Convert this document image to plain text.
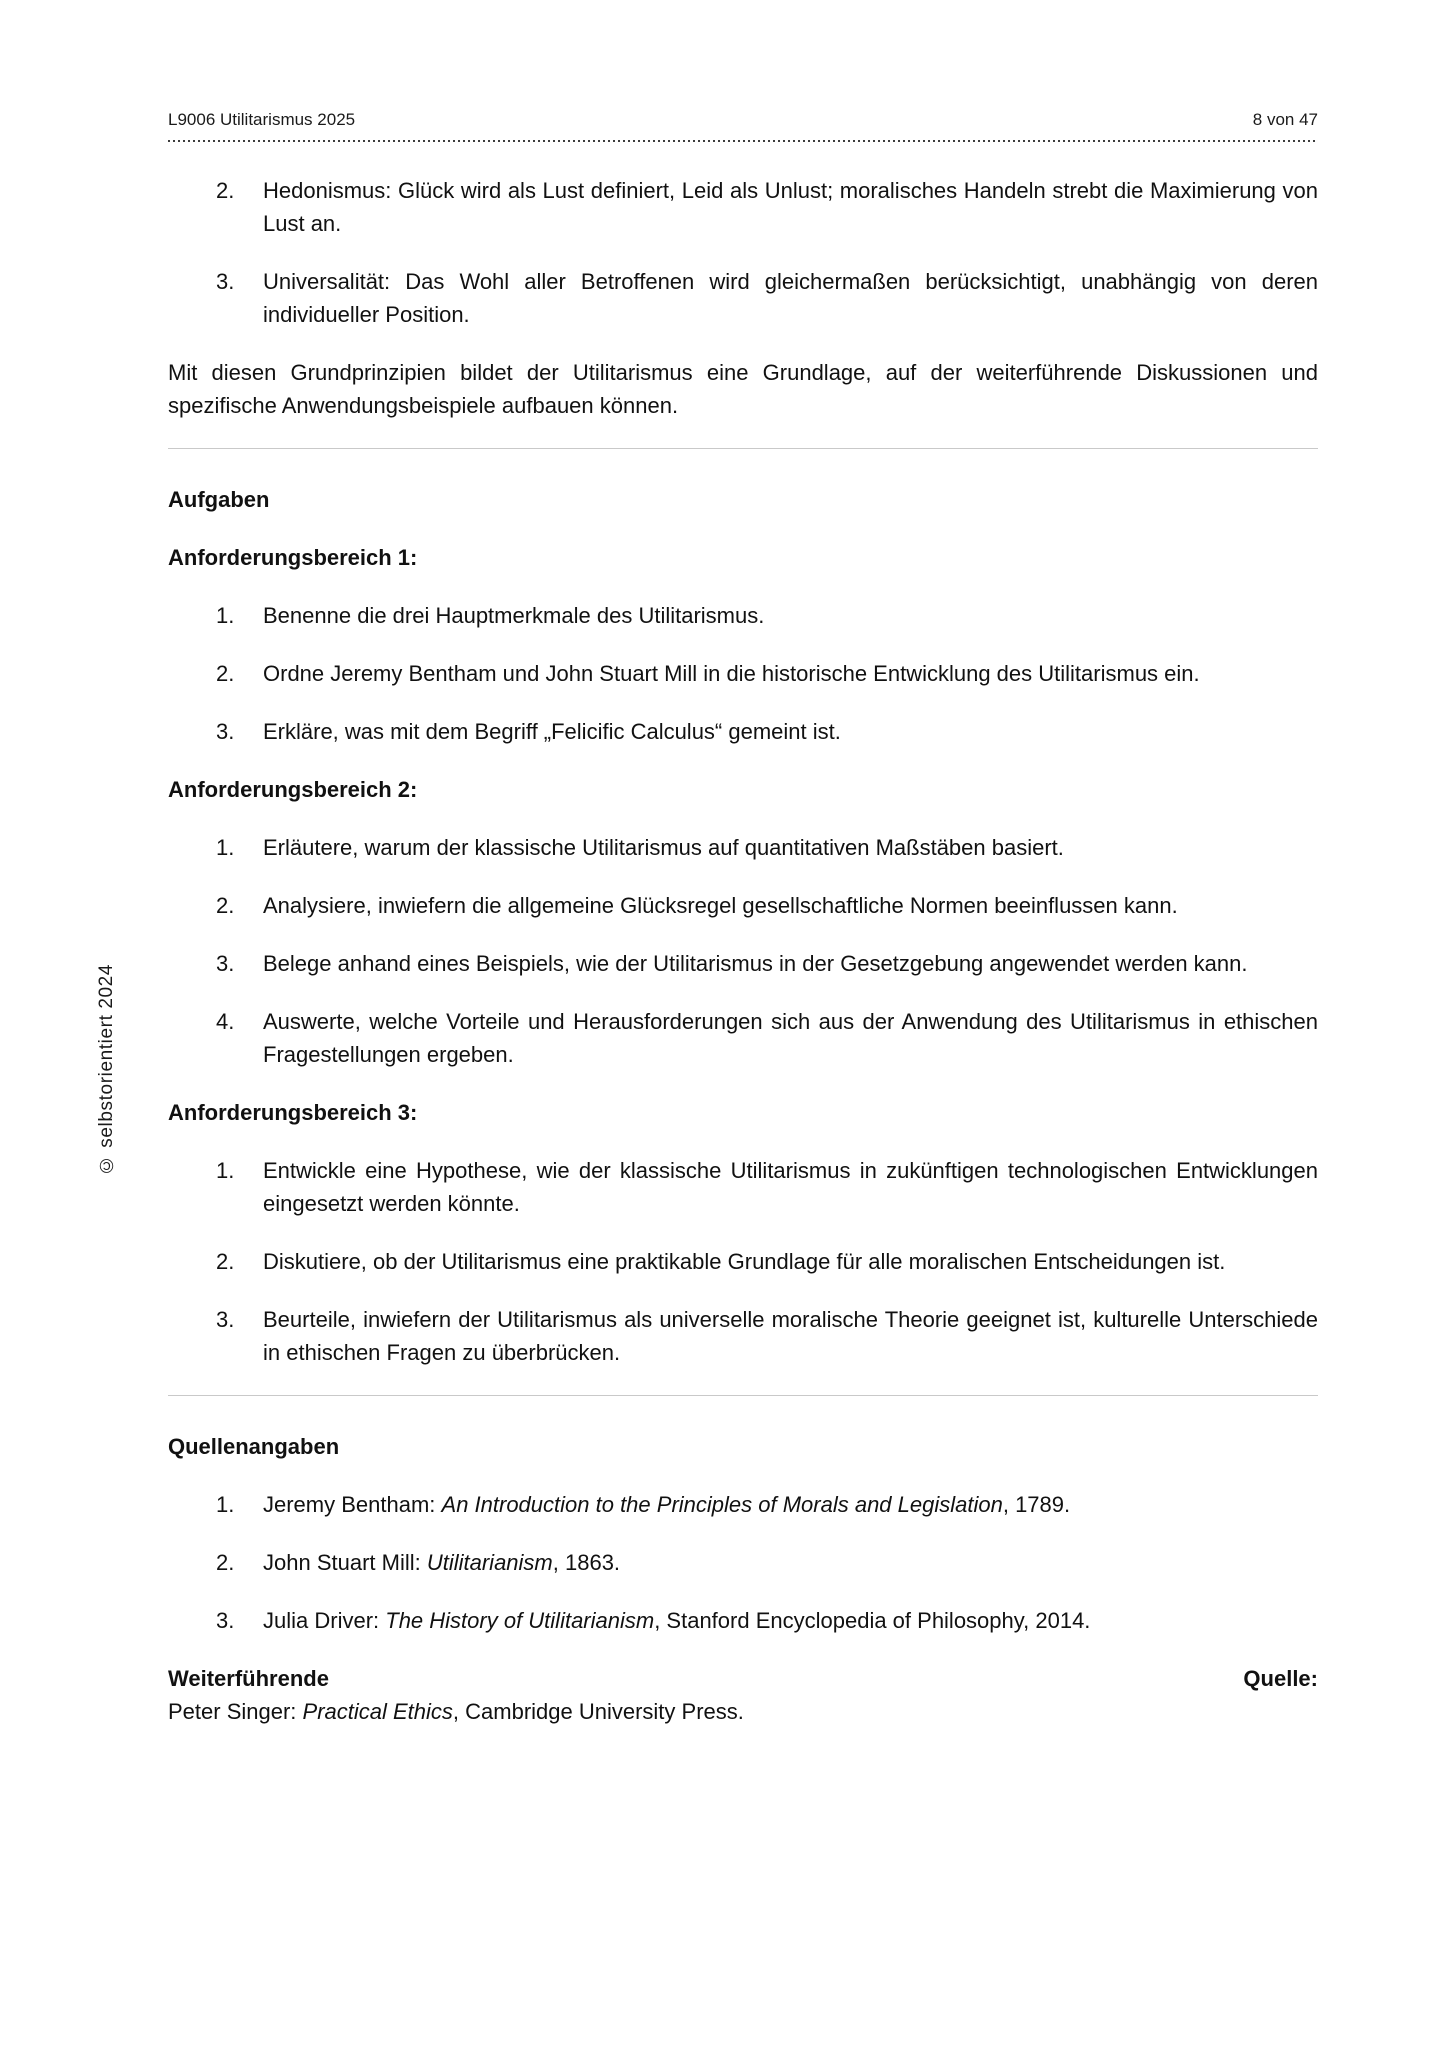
© selbstorientiert 2024
L9006 Utilitarismus 2025	8 von 47
2. Hedonismus: Glück wird als Lust definiert, Leid als Unlust; moralisches Handeln strebt die Maximierung von Lust an.
3. Universalität: Das Wohl aller Betroffenen wird gleichermaßen berücksichtigt, unabhängig von deren individueller Position.

Mit diesen Grundprinzipien bildet der Utilitarismus eine Grundlage, auf der weiterführende Diskussionen und spezifische Anwendungsbeispiele aufbauen können.

Aufgaben

Anforderungsbereich 1:

1. Benenne die drei Hauptmerkmale des Utilitarismus.
2. Ordne Jeremy Bentham und John Stuart Mill in die historische Entwicklung des Utilitarismus ein.
3. Erkläre, was mit dem Begriff „Felicific Calculus“ gemeint ist.

Anforderungsbereich 2:

1. Erläutere, warum der klassische Utilitarismus auf quantitativen Maßstäben basiert.
2. Analysiere, inwiefern die allgemeine Glücksregel gesellschaftliche Normen beeinflussen kann.
3. Belege anhand eines Beispiels, wie der Utilitarismus in der Gesetzgebung angewendet werden kann.
4. Auswerte, welche Vorteile und Herausforderungen sich aus der Anwendung des Utilitarismus in ethischen Fragestellungen ergeben.

Anforderungsbereich 3:

1. Entwickle eine Hypothese, wie der klassische Utilitarismus in zukünftigen technologischen Entwicklungen eingesetzt werden könnte.
2. Diskutiere, ob der Utilitarismus eine praktikable Grundlage für alle moralischen Entscheidungen ist.
3. Beurteile, inwiefern der Utilitarismus als universelle moralische Theorie geeignet ist, kulturelle Unterschiede in ethischen Fragen zu überbrücken.

Quellenangaben

1. Jeremy Bentham: An Introduction to the Principles of Morals and Legislation, 1789.
2. John Stuart Mill: Utilitarianism, 1863.
3. Julia Driver: The History of Utilitarianism, Stanford Encyclopedia of Philosophy, 2014.
Weiterführende	Quelle:

Peter Singer: Practical Ethics, Cambridge University Press.
